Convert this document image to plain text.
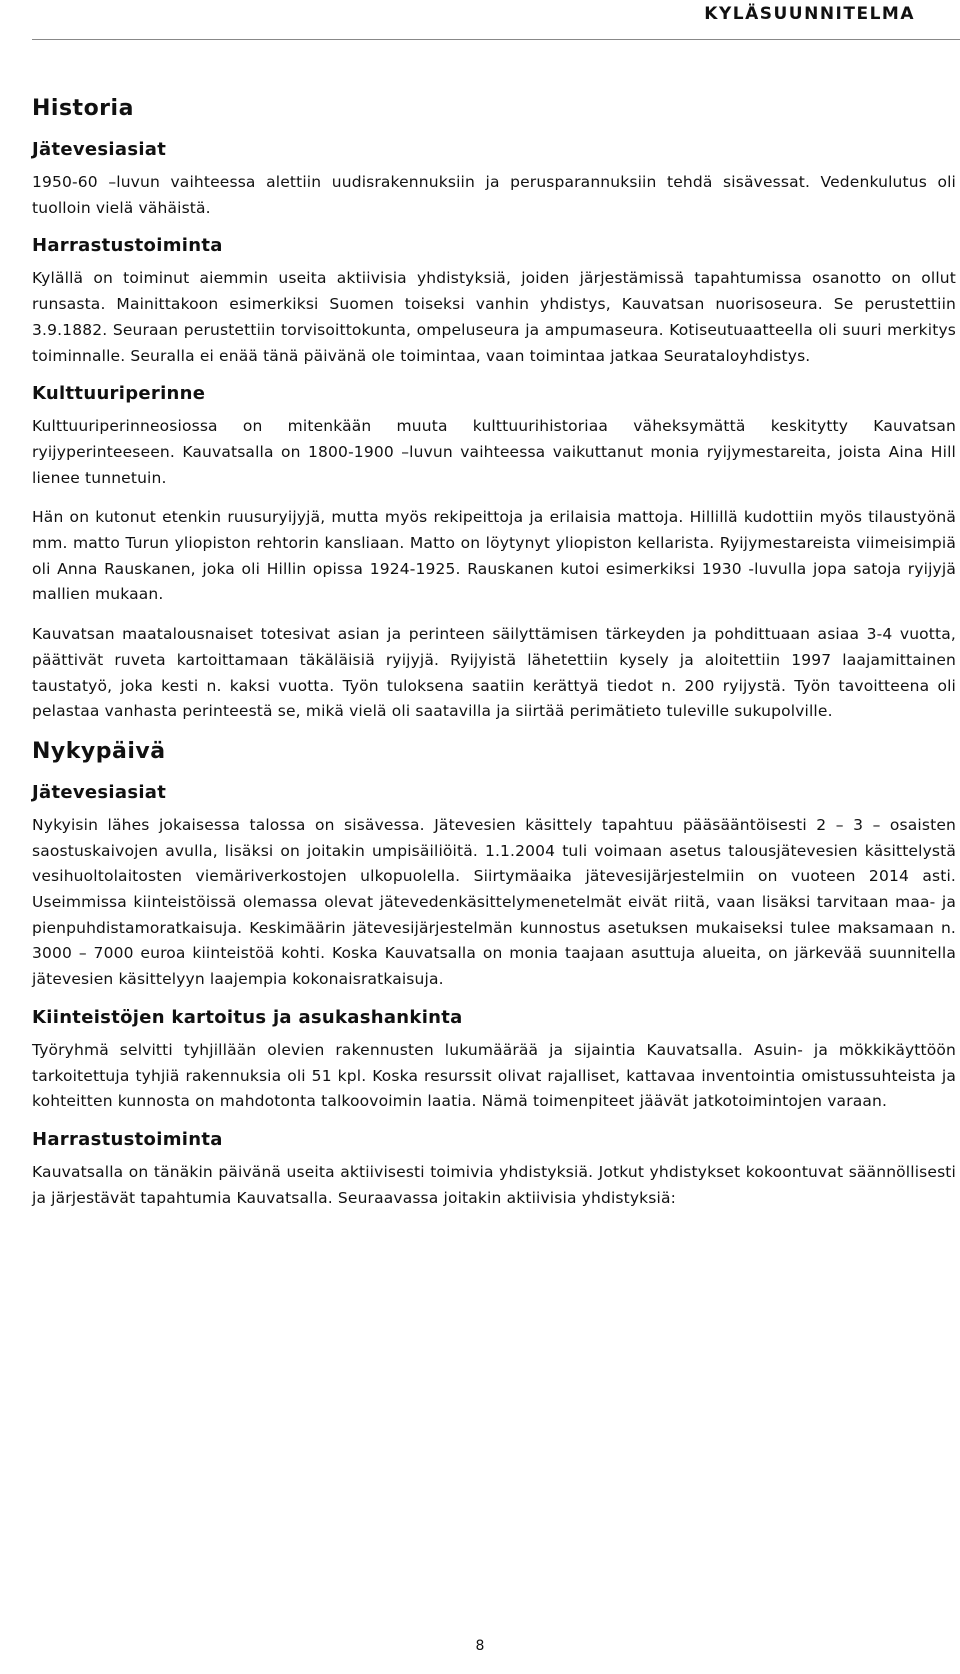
KYLÄSUUNNITELMA
Historia
Jätevesiasiat

1950-60 –luvun vaihteessa alettiin uudisrakennuksiin ja perusparannuksiin tehdä sisävessat. Vedenkulutus oli tuolloin vielä vähäistä.

Harrastustoiminta

Kylällä on toiminut aiemmin useita aktiivisia yhdistyksiä, joiden järjestämissä tapahtumissa osanotto on ollut runsasta. Mainittakoon esimerkiksi Suomen toiseksi vanhin yhdistys, Kauvatsan nuorisoseura. Se perustettiin 3.9.1882. Seuraan perustettiin torvisoittokunta, ompeluseura ja ampumaseura. Kotiseutuaatteella oli suuri merkitys toiminnalle. Seuralla ei enää tänä päivänä ole toimintaa, vaan toimintaa jatkaa Seurataloyhdistys.

Kulttuuriperinne

Kulttuuriperinneosiossa on mitenkään muuta kulttuurihistoriaa väheksymättä keskitytty Kauvatsan ryijyperinteeseen. Kauvatsalla on 1800-1900 –luvun vaihteessa vaikuttanut monia ryijymestareita, joista Aina Hill lienee tunnetuin.

Hän on kutonut etenkin ruusuryijyjä, mutta myös rekipeittoja ja erilaisia mattoja. Hillillä kudottiin myös tilaustyönä mm. matto Turun yliopiston rehtorin kansliaan. Matto on löytynyt yliopiston kellarista. Ryijymestareista viimeisimpiä oli Anna Rauskanen, joka oli Hillin opissa 1924-1925. Rauskanen kutoi esimerkiksi 1930 -luvulla jopa satoja ryijyjä mallien mukaan.

Kauvatsan maatalousnaiset totesivat asian ja perinteen säilyttämisen tärkeyden ja pohdittuaan asiaa 3-4 vuotta, päättivät ruveta kartoittamaan täkäläisiä ryijyjä. Ryijyistä lähetettiin kysely ja aloitettiin 1997 laajamittainen taustatyö, joka kesti n. kaksi vuotta. Työn tuloksena saatiin kerättyä tiedot n. 200 ryijystä. Työn tavoitteena oli pelastaa vanhasta perinteestä se, mikä vielä oli saatavilla ja siirtää perimätieto tuleville sukupolville.

Nykypäivä
Jätevesiasiat

Nykyisin lähes jokaisessa talossa on sisävessa. Jätevesien käsittely tapahtuu pääsääntöisesti 2 – 3 – osaisten saostuskaivojen avulla, lisäksi on joitakin umpisäiliöitä. 1.1.2004 tuli voimaan asetus talousjätevesien käsittelystä vesihuoltolaitosten viemäriverkostojen ulkopuolella. Siirtymäaika jätevesijärjestelmiin on vuoteen 2014 asti. Useimmissa kiinteistöissä olemassa olevat jätevedenkäsittelymenetelmät eivät riitä, vaan lisäksi tarvitaan maa- ja pienpuhdistamoratkaisuja. Keskimäärin jätevesijärjestelmän kunnostus asetuksen mukaiseksi tulee maksamaan n. 3000 – 7000 euroa kiinteistöä kohti. Koska Kauvatsalla on monia taajaan asuttuja alueita, on järkevää suunnitella jätevesien käsittelyyn laajempia kokonaisratkaisuja.

Kiinteistöjen kartoitus ja asukashankinta

Työryhmä selvitti tyhjillään olevien rakennusten lukumäärää ja sijaintia Kauvatsalla. Asuin- ja mökkikäyttöön tarkoitettuja tyhjiä rakennuksia oli 51 kpl. Koska resurssit olivat rajalliset, kattavaa inventointia omistussuhteista ja kohteitten kunnosta on mahdotonta talkoovoimin laatia. Nämä toimenpiteet jäävät jatkotoimintojen varaan.

Harrastustoiminta

Kauvatsalla on tänäkin päivänä useita aktiivisesti toimivia yhdistyksiä. Jotkut yhdistykset kokoontuvat säännöllisesti ja järjestävät tapahtumia Kauvatsalla. Seuraavassa joitakin aktiivisia yhdistyksiä:

8
